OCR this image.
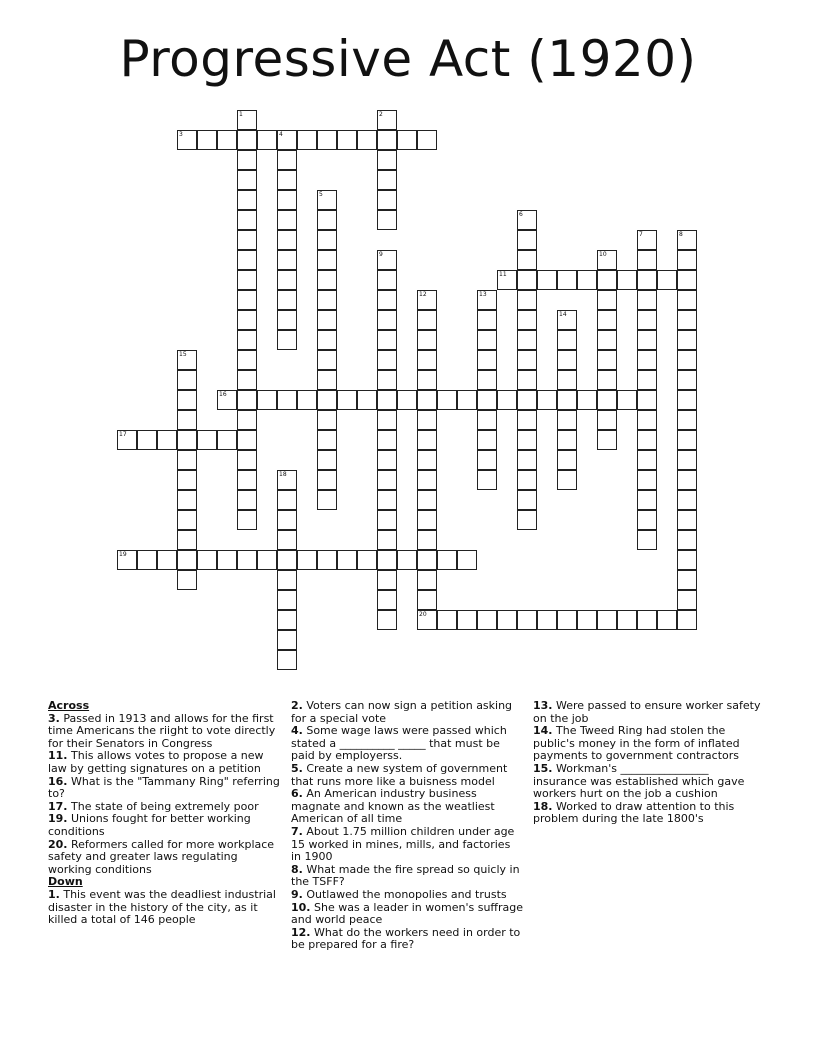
Progressive Act (1920)
3
11
16
17
19
20
1	2
4
5
6
7	8
9	10
12	13
14
15
18
Across
3. Passed in 1913 and allows for the first time Americans the riight to vote directly for their Senators in Congress
11. This allows votes to propose a new law by getting signatures on a petition
16. What is the "Tammany Ring" referring to?
17. The state of being extremely poor
19. Unions fought for better working conditions
20. Reformers called for more workplace safety and greater laws regulating working conditions
Down
1. This event was the deadliest industrial disaster in the history of the city, as it killed a total of 146 people
2. Voters can now sign a petition asking for a special vote
4. Some wage laws were passed which stated a __________ _____ that must be paid by employerss.
5. Create a new system of government that runs more like a buisness model
6. An American industry business magnate and known as the weatliest American of all time
7. About 1.75 million children under age 15 worked in mines, mills, and factories in 1900
8. What made the fire spread so quicly in the TSFF?
9. Outlawed the monopolies and trusts
10. She was a leader in women's suffrage and world peace
12. What do the workers need in order to be prepared for a fire?
13. Were passed to ensure worker safety on the job
14. The Tweed Ring had stolen the public's money in the form of inflated payments to government contractors
15. Workman's ________________ insurance was established which gave workers hurt on the job a cushion
18. Worked to draw attention to this problem during the late 1800's
